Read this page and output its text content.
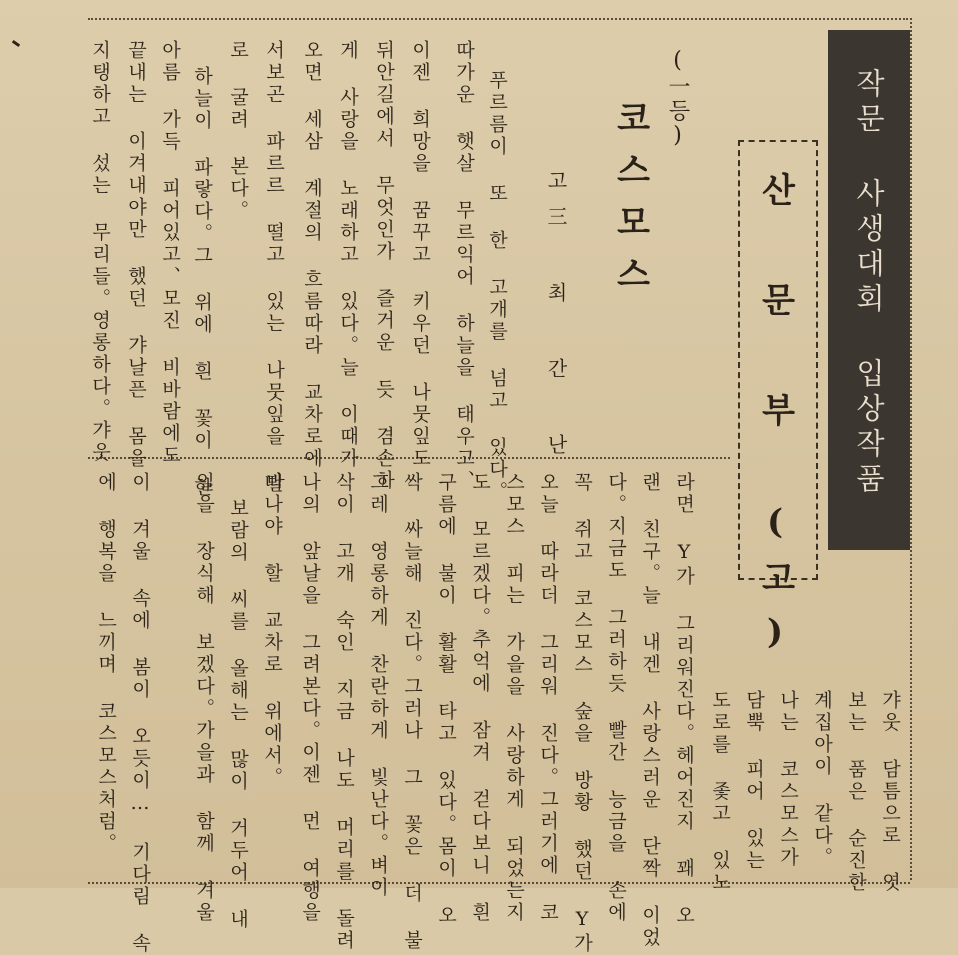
작문 사생대회 입상작품
산 문 부 (고)
(一등)
코스모스
고三 최 간 난
푸르름이 또 한 고개를 넘고 있다。
따가운 햇살 무르익어 하늘을 태우고、
이젠 희망을 꿈꾸고 키우던 나뭇잎도
뒤안길에서 무엇인가 즐거운 듯 겸손하
게 사랑을 노래하고 있다。늘 이때가
오면 세삼 계절의 흐름따라 교차로에
서보곤 파르르 떨고 있는 나뭇잎을 발
로 굴려 본다。
하늘이 파랗다。그 위에 흰 꽃이 한
아름 가득 피어있고、모진 비바람에도
끝내는 이겨내야만 했던 갸날픈 몸을
지탱하고 섰는 무리들。영롱하다。갸웃
갸웃 담틈으로 엿
보는 품은 순진한
계집아이 같다。
나는 코스모스가
담뿍 피어 있는
도로를 좇고 있노
라면 Y가 그리워진다。헤어진지 꽤 오
랜 친구。늘 내겐 사랑스러운 단짝 이었
다。지금도 그러하듯 빨간 능금을 손에
꼭 쥐고 코스모스 숲을 방황 했던 Y가
오늘 따라더 그리워 진다。그러기에 코
스모스 피는 가을을 사랑하게 되었는지
도 모르겠다。추억에 잠겨 걷다보니 흰
구름에 불이 활활 타고 있다。몸이 오
싹 싸늘해 진다。그러나 그 꽃은 더 불
그레 영롱하게 찬란하게 빛난다。벼이
삭이 고개 숙인 지금 나도 머리를 돌려
나의 앞날을 그려본다。이젠 먼 여행을
떠나야 할 교차로 위에서。
보람의 씨를 올해는 많이 거두어 내
일을 장식해 보겠다。가을과 함께 겨울
이 겨울 속에 봄이 오듯이… 기다림 속
에 행복을 느끼며 코스모스처럼。
